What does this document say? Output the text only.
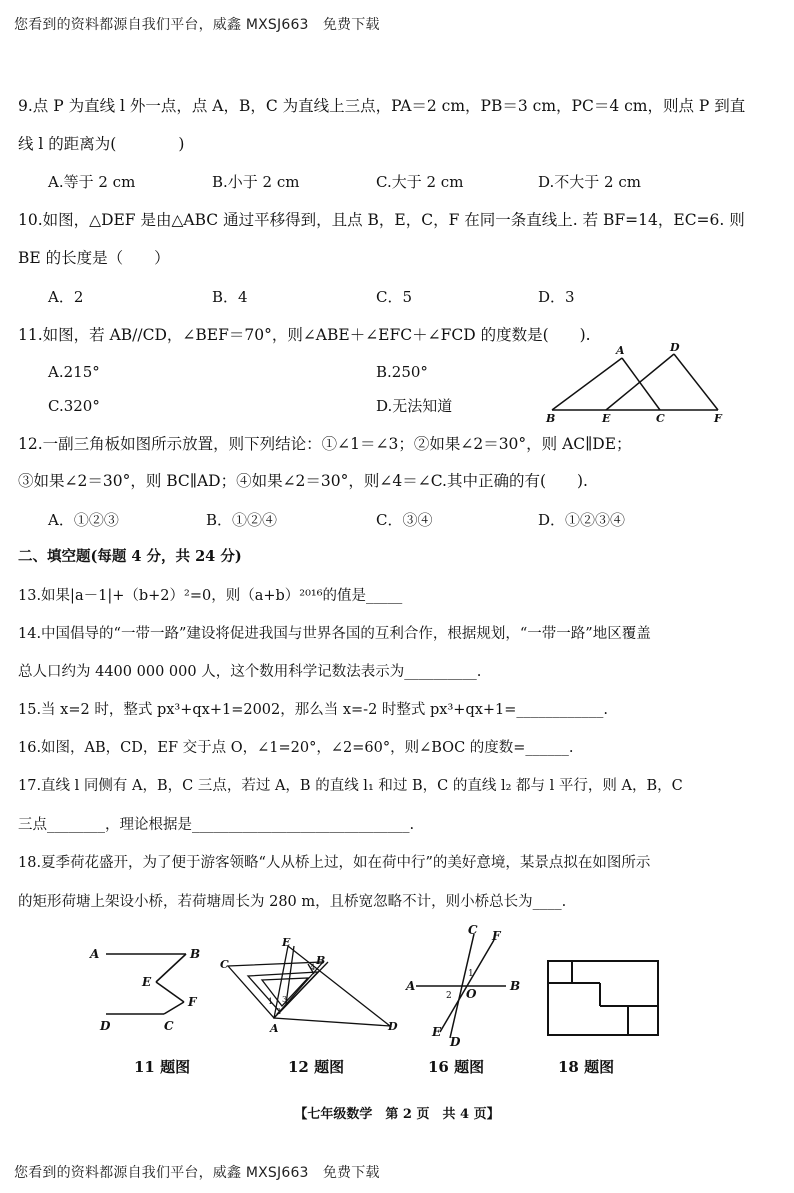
您看到的资料都源自我们平台，威鑫 MXSJ663　免费下载
9.点 P 为直线 l 外一点，点 A，B，C 为直线上三点，PA＝2 cm，PB＝3 cm，PC＝4 cm，则点 P 到直
线 l 的距离为(　　　　)
A.等于 2 cm	B.小于 2 cm	C.大于 2 cm	D.不大于 2 cm
10.如图，△DEF 是由△ABC 通过平移得到，且点 B，E，C，F 在同一条直线上. 若 BF=14，EC=6. 则
BE 的长度是（　　）
A．2	B．4	C．5	D．3
11.如图，若 AB//CD，∠BEF＝70°，则∠ABE＋∠EFC＋∠FCD 的度数是(　　).
A.215°	B.250°
C.320°	D.无法知道
A	D
B	E	C	F
12.一副三角板如图所示放置，则下列结论：①∠1＝∠3；②如果∠2＝30°，则 AC∥DE；
③如果∠2＝30°，则 BC∥AD；④如果∠2＝30°，则∠4＝∠C.其中正确的有(　　).
A．①②③	B．①②④	C．③④	D．①②③④
二、填空题(每题 4 分，共 24 分)
13.如果|a－1|+（b+2）²=0，则（a+b）²⁰¹⁶的值是_____
14.中国倡导的“一带一路”建设将促进我国与世界各国的互利合作，根据规划，“一带一路”地区覆盖
总人口约为 4400 000 000 人，这个数用科学记数法表示为__________.
15.当 x=2 时，整式 px³+qx+1=2002，那么当 x=-2 时整式 px³+qx+1=____________.
16.如图，AB，CD，EF 交于点 O，∠1=20°，∠2=60°，则∠BOC 的度数=______.
17.直线 l 同侧有 A，B，C 三点，若过 A，B 的直线 l₁ 和过 B，C 的直线 l₂ 都与 l 平行，则 A，B，C
三点________，理论根据是______________________________.
18.夏季荷花盛开，为了便于游客领略“人从桥上过，如在荷中行”的美好意境，某景点拟在如图所示
的矩形荷塘上架设小桥，若荷塘周长为 280 m，且桥宽忽略不计，则小桥总长为____.
A	B
E
F
D	C
E
C	B
A	D
1
2
3
4
C F
A	B
O
E
D
1
2
11 题图	12 题图	16 题图	18 题图
【七年级数学　第 2 页　共 4 页】
您看到的资料都源自我们平台，威鑫 MXSJ663　免费下载
